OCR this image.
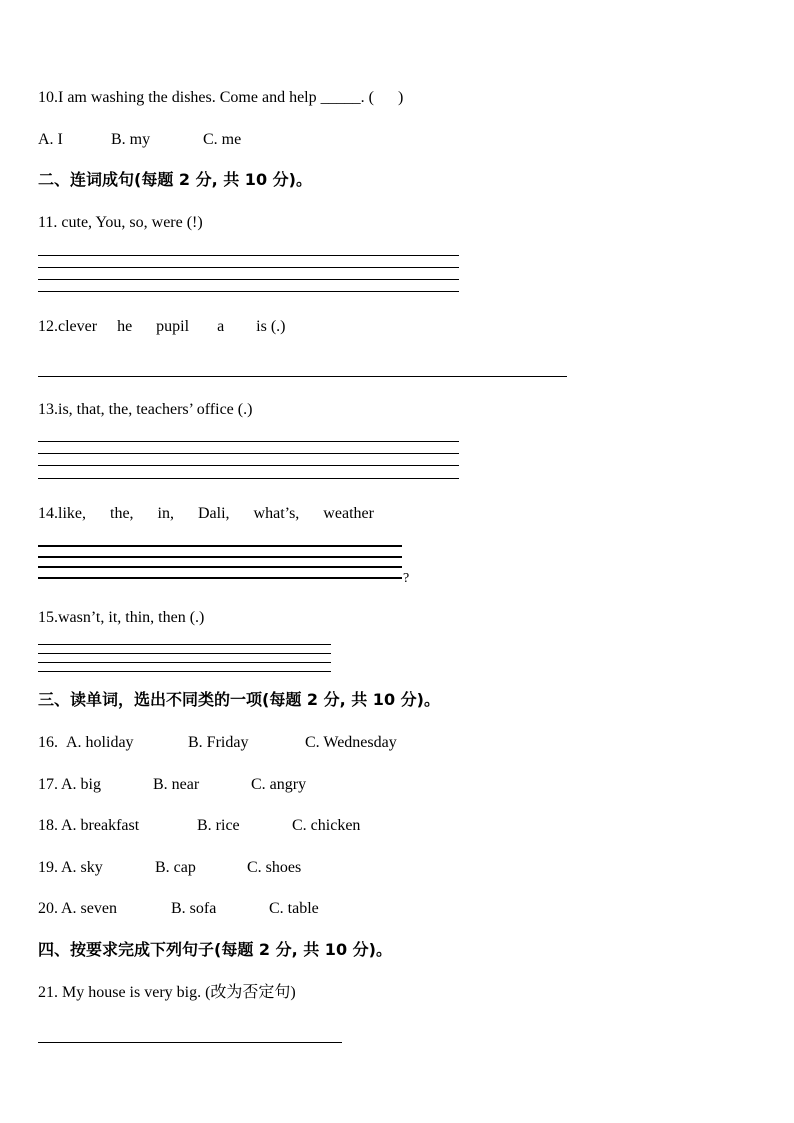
10.I am washing the dishes. Come and help _____. (      )
A. I	B. my	C. me
二、连词成句(每题 2 分, 共 10 分)。
11. cute, You, so, were (!)
12.clever     he      pupil       a        is (.)
13.is, that, the, teachers’ office (.)
14.like,      the,      in,      Dali,      what’s,      weather
?
15.wasn’t, it, thin, then (.)
三、读单词，选出不同类的一项(每题 2 分, 共 10 分)。
16. A. holiday	B. Friday	C. Wednesday
17. A. big	B. near	C. angry
18. A. breakfast	B. rice	C. chicken
19. A. sky	B. cap	C. shoes
20. A. seven	B. sofa	C. table
四、按要求完成下列句子(每题 2 分, 共 10 分)。
21. My house is very big. (改为否定句)
